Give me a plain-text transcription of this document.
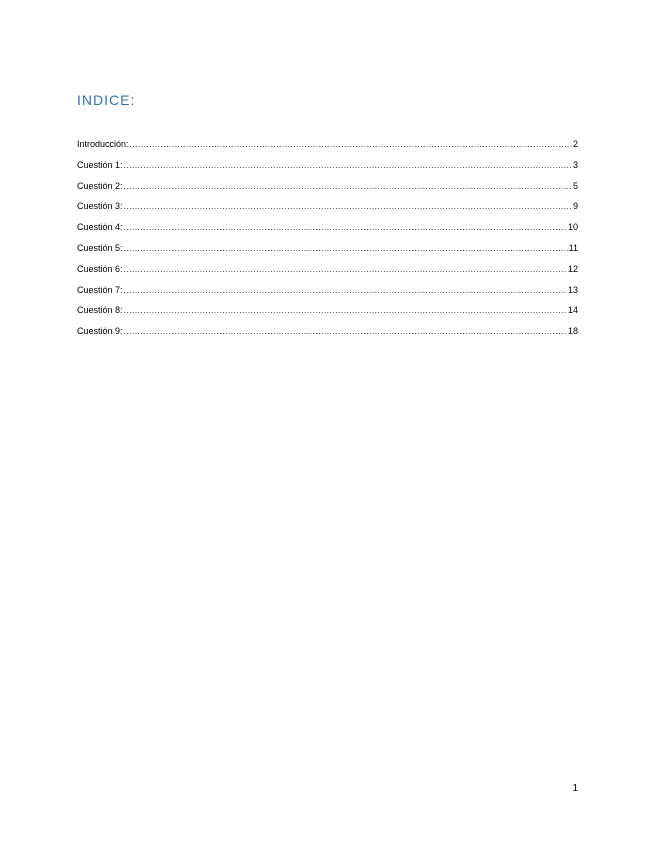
INDICE:
Introducción: .....	2
Cuestión 1: .....	3
Cuestión 2: .....	5
Cuestión 3: .....	9
Cuestión 4: .....	10
Cuestión 5: .....	11
Cuestión 6: .....	12
Cuestión 7: .....	13
Cuestión 8: .....	14
Cuestión 9: .....	18
1
